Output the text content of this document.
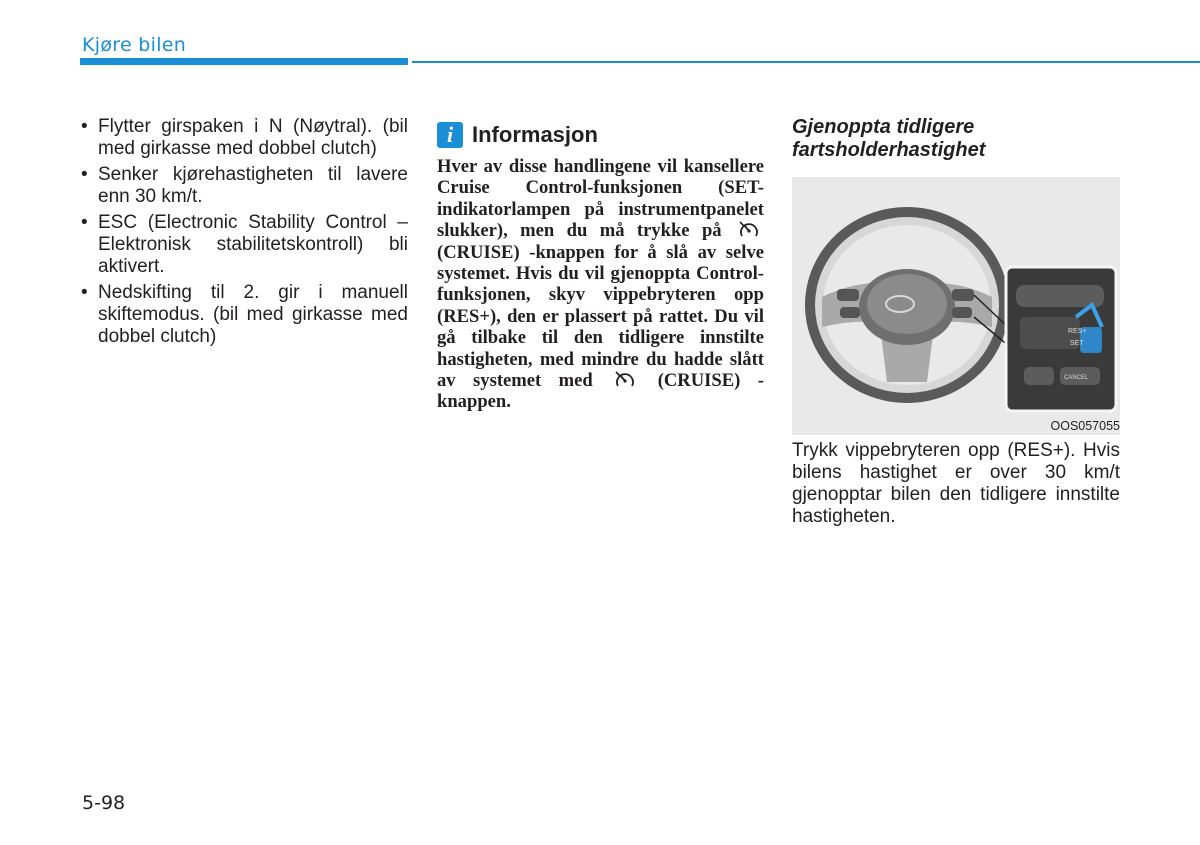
Kjøre bilen
• Flytter girspaken i N (Nøytral). (bil med girkasse med dobbel clutch)
• Senker kjørehastigheten til lavere enn 30 km/t.
• ESC (Electronic Stability Control – Elektronisk stabilitetskontroll) bli aktivert.
• Nedskifting til 2. gir i manuell skiftemodus. (bil med girkasse med dobbel clutch)
i Informasjon

Hver av disse handlingene vil kansellere Cruise Control-funksjonen (SET-indikatorlampen på instrumentpanelet slukker), men du må trykke på  (CRUISE) -knappen for å slå av selve systemet. Hvis du vil gjenoppta Control-funksjonen, skyv vippebryteren opp (RES+), den er plassert på rattet. Du vil gå tilbake til den tidligere innstilte hastigheten, med mindre du hadde slått av systemet med	(CRUISE) -knappen.

Gjenoppta tidligere fartsholderhastighet
RES+
SET
CANCEL
OOS057055

Trykk vippebryteren opp (RES+). Hvis bilens hastighet er over 30 km/t gjenopptar bilen den tidligere innstilte hastigheten.

5-98
